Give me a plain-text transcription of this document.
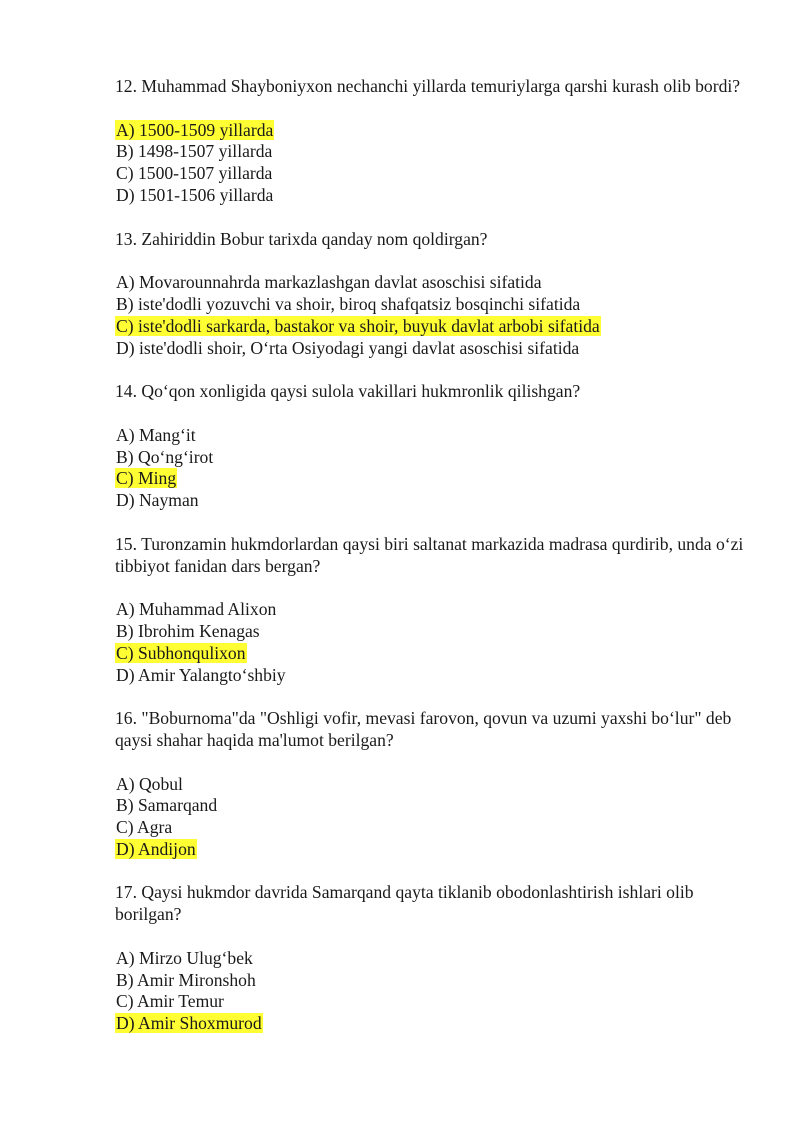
12. Muhammad Shayboniyxon nechanchi yillarda temuriylarga qarshi kurash olib bordi?
A) 1500-1509 yillarda
B) 1498-1507 yillarda
C) 1500-1507 yillarda
D) 1501-1506 yillarda
13. Zahiriddin Bobur tarixda qanday nom qoldirgan?
A) Movarounnahrda markazlashgan davlat asoschisi sifatida
B) iste'dodli yozuvchi va shoir, biroq shafqatsiz bosqinchi sifatida
C) iste'dodli sarkarda, bastakor va shoir, buyuk davlat arbobi sifatida
D) iste'dodli shoir, O‘rta Osiyodagi yangi davlat asoschisi sifatida
14. Qo‘qon xonligida qaysi sulola vakillari hukmronlik qilishgan?
A) Mang‘it
B) Qo‘ng‘irot
C) Ming
D) Nayman
15. Turonzamin hukmdorlardan qaysi biri saltanat markazida madrasa qurdirib, unda o‘zi tibbiyot fanidan dars bergan?
A) Muhammad Alixon
B) Ibrohim Kenagas
C) Subhonqulixon
D) Amir Yalangto‘shbiy
16. "Boburnoma"da "Oshligi vofir, mevasi farovon, qovun va uzumi yaxshi bo‘lur" deb qaysi shahar haqida ma'lumot berilgan?
A) Qobul
B) Samarqand
C) Agra
D) Andijon
17. Qaysi hukmdor davrida Samarqand qayta tiklanib obodonlashtirish ishlari olib borilgan?
A) Mirzo Ulug‘bek
B) Amir Mironshoh
C) Amir Temur
D) Amir Shoxmurod
